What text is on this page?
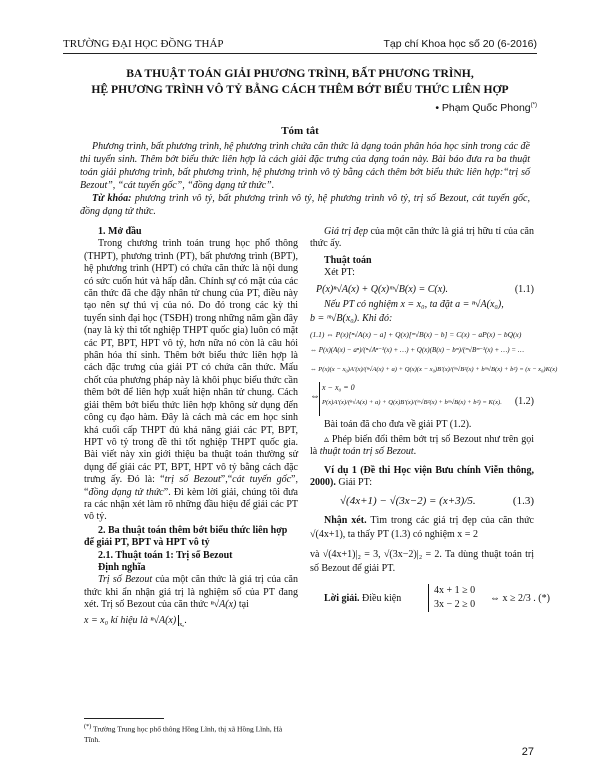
TRƯỜNG ĐẠI HỌC ĐỒNG THÁP	Tạp chí Khoa học số 20 (6-2016)
BA THUẬT TOÁN GIẢI PHƯƠNG TRÌNH, BẤT PHƯƠNG TRÌNH,
HỆ PHƯƠNG TRÌNH VÔ TỶ BẰNG CÁCH THÊM BỚT BIỂU THỨC LIÊN HỢP
• Phạm Quốc Phong(*)
Tóm tắt
Phương trình, bất phương trình, hệ phương trình chứa căn thức là dạng toán phân hóa học sinh trong các đề thi tuyển sinh. Thêm bớt biểu thức liên hợp là cách giải đặc trưng của dạng toán này. Bài báo đưa ra ba thuật toán giải phương trình, bất phương trình, hệ phương trình vô tỷ bằng cách thêm bớt biểu thức liên hợp:“trị số Bezout”, “cát tuyến gốc”, “đồng dạng tử thức”.
Từ khóa: phương trình vô tỷ, bất phương trình vô tỷ, hệ phương trình vô tỷ, trị số Bezout, cát tuyến gốc, đồng dạng tử thức.
1. Mở đầu
Trong chương trình toán trung học phổ thông (THPT), phương trình (PT), bất phương trình (BPT), hệ phương trình (HPT) có chứa căn thức là nội dung có sức cuốn hút và hấp dẫn. Chính sự có mặt của các căn thức đã che đậy nhân tử chung của PT, điều này tạo nên sự thú vị của nó. Do đó trong các kỳ thi tuyển sinh đại học (TSĐH) trong những năm gần đây (nay là kỳ thi tốt nghiệp THPT quốc gia) luôn có mặt các PT, BPT, HPT vô tỷ, hơn nữa nó còn là câu hỏi phân hóa thí sinh. Thêm bớt biểu thức liên hợp là cách đặc trưng của giải PT có chứa căn thức. Mấu chốt của phương pháp này là khôi phục biểu thức cần thêm bớt để liên hợp xuất hiện nhân tử chung. Cách giải thêm bớt biểu thức liên hợp không sử dụng đến công cụ đạo hàm. Đây là cách mà các em học sinh khá cuối cấp THPT đủ khả năng giải các PT, BPT, HPT vô tỷ trong đề thi tốt nghiệp THPT quốc gia. Bài viết này xin giới thiệu ba thuật toán thường sử dụng để giải các PT, BPT, HPT vô tỷ bằng cách đặc trưng ấy. Đó là: “trị số Bezout”,“cát tuyến gốc”, “đồng dạng tử thức”. Đi kèm lời giải, chúng tôi đưa ra các nhận xét làm rõ những đầu hiệu để giải các PT vô tỷ.
2. Ba thuật toán thêm bớt biểu thức liên hợp để giải PT, BPT và HPT vô tỷ
2.1. Thuật toán 1: Trị số Bezout
Định nghĩa
Trị số Bezout của một căn thức là giá trị của căn thức khi ẩn nhận giá trị là nghiệm số của PT đang xét. Trị số Bezout của căn thức ⁿ√A(x) tại
x = x₀ kí hiệu là ⁿ√A(x) $_{x_0}$.
(*) Trường Trung học phổ thông Hồng Lĩnh, thị xã Hồng Lĩnh, Hà Tĩnh.
Giá trị đẹp của một căn thức là giá trị hữu tỉ của căn thức ấy.
Thuật toán
Xét PT:
P(x)ⁿ√A(x) + Q(x)ᵐ√B(x) = C(x).	(1.1)
Nếu PT có nghiệm x = x₀, ta đặt a = ⁿ√A(x₀),
b = ᵐ√B(x₀). Khi đó:
(1.1) ⇔ P(x)[ⁿ√A(x) − a] + Q(x)[ᵐ√B(x) − b] = C(x) − aP(x) − bQ(x)
⇔ P(x)(A(x) − aⁿ)/(ⁿ√Aⁿ⁻¹(x) + …) + Q(x)(B(x) − bᵐ)/(ᵐ√Bᵐ⁻¹(x) + …) = …
⇔ P(x)(x − x₀)A′(x)/(ⁿ√A(x) + a) + Q(x)(x − x₀)B′(x)/(ᵐ√B²(x) + bᵐ√B(x) + b²) = (x − x₀)K(x)
⇔
x − x₀ = 0
P(x)A′(x)/(ⁿ√A(x) + a) + Q(x)B′(x)/(ᵐ√B²(x) + bᵐ√B(x) + b²) = K(x).	(1.2)
Bài toán đã cho đưa về giải PT (1.2).
▵ Phép biến đổi thêm bớt trị số Bezout như trên gọi là thuật toán trị số Bezout.
Ví dụ 1 (Đề thi Học viện Bưu chính Viễn thông, 2000). Giải PT:
√(4x+1) − √(3x−2) = (x+3)/5.	(1.3)
Nhận xét. Tìm trong các giá trị đẹp của căn thức √(4x+1), ta thấy PT (1.3) có nghiệm x = 2
và √(4x+1)|₂ = 3, √(3x−2)|₂ = 2. Ta dùng thuật toán trị số Bezout để giải PT.
Lời giải. Điều kiện
4x + 1 ≥ 0
3x − 2 ≥ 0
⇔ x ≥ 2/3 . (*)
27
